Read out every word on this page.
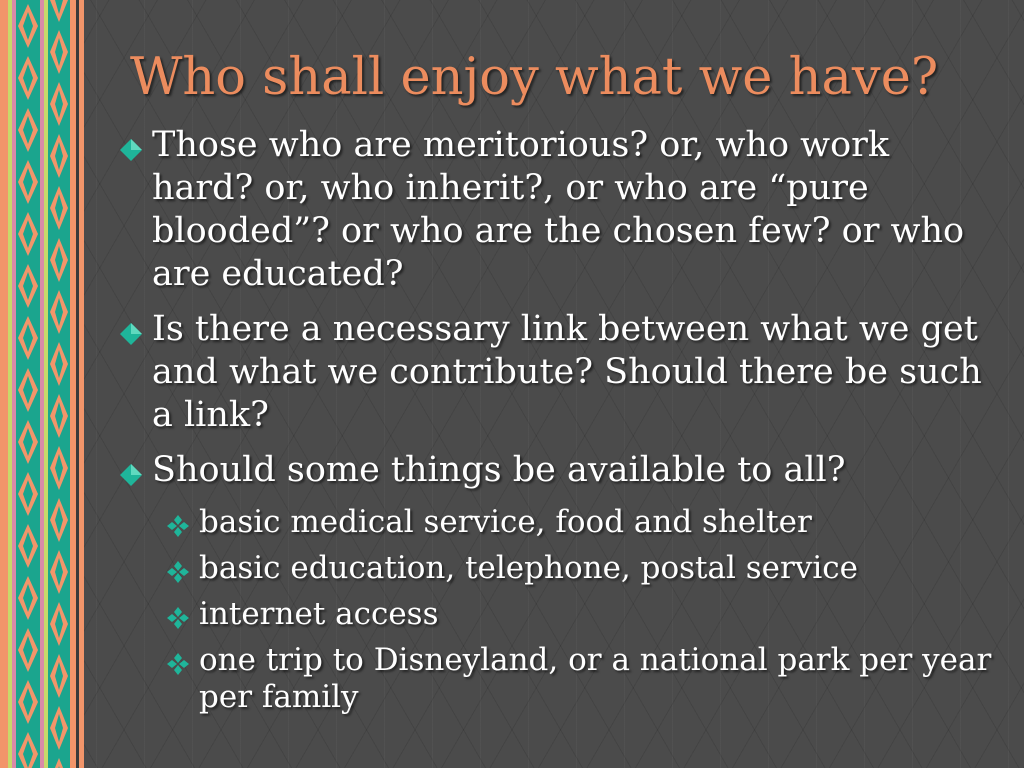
Who shall enjoy what we have?
Those who are meritorious? or, who work hard? or, who inherit?, or who are “pure blooded”? or who are the chosen few? or who are educated?
Is there a necessary link between what we get and what we contribute? Should there be such a link?
Should some things be available to all?
basic medical service, food and shelter
basic education, telephone, postal service
internet access
one trip to Disneyland, or a national park per year per family
